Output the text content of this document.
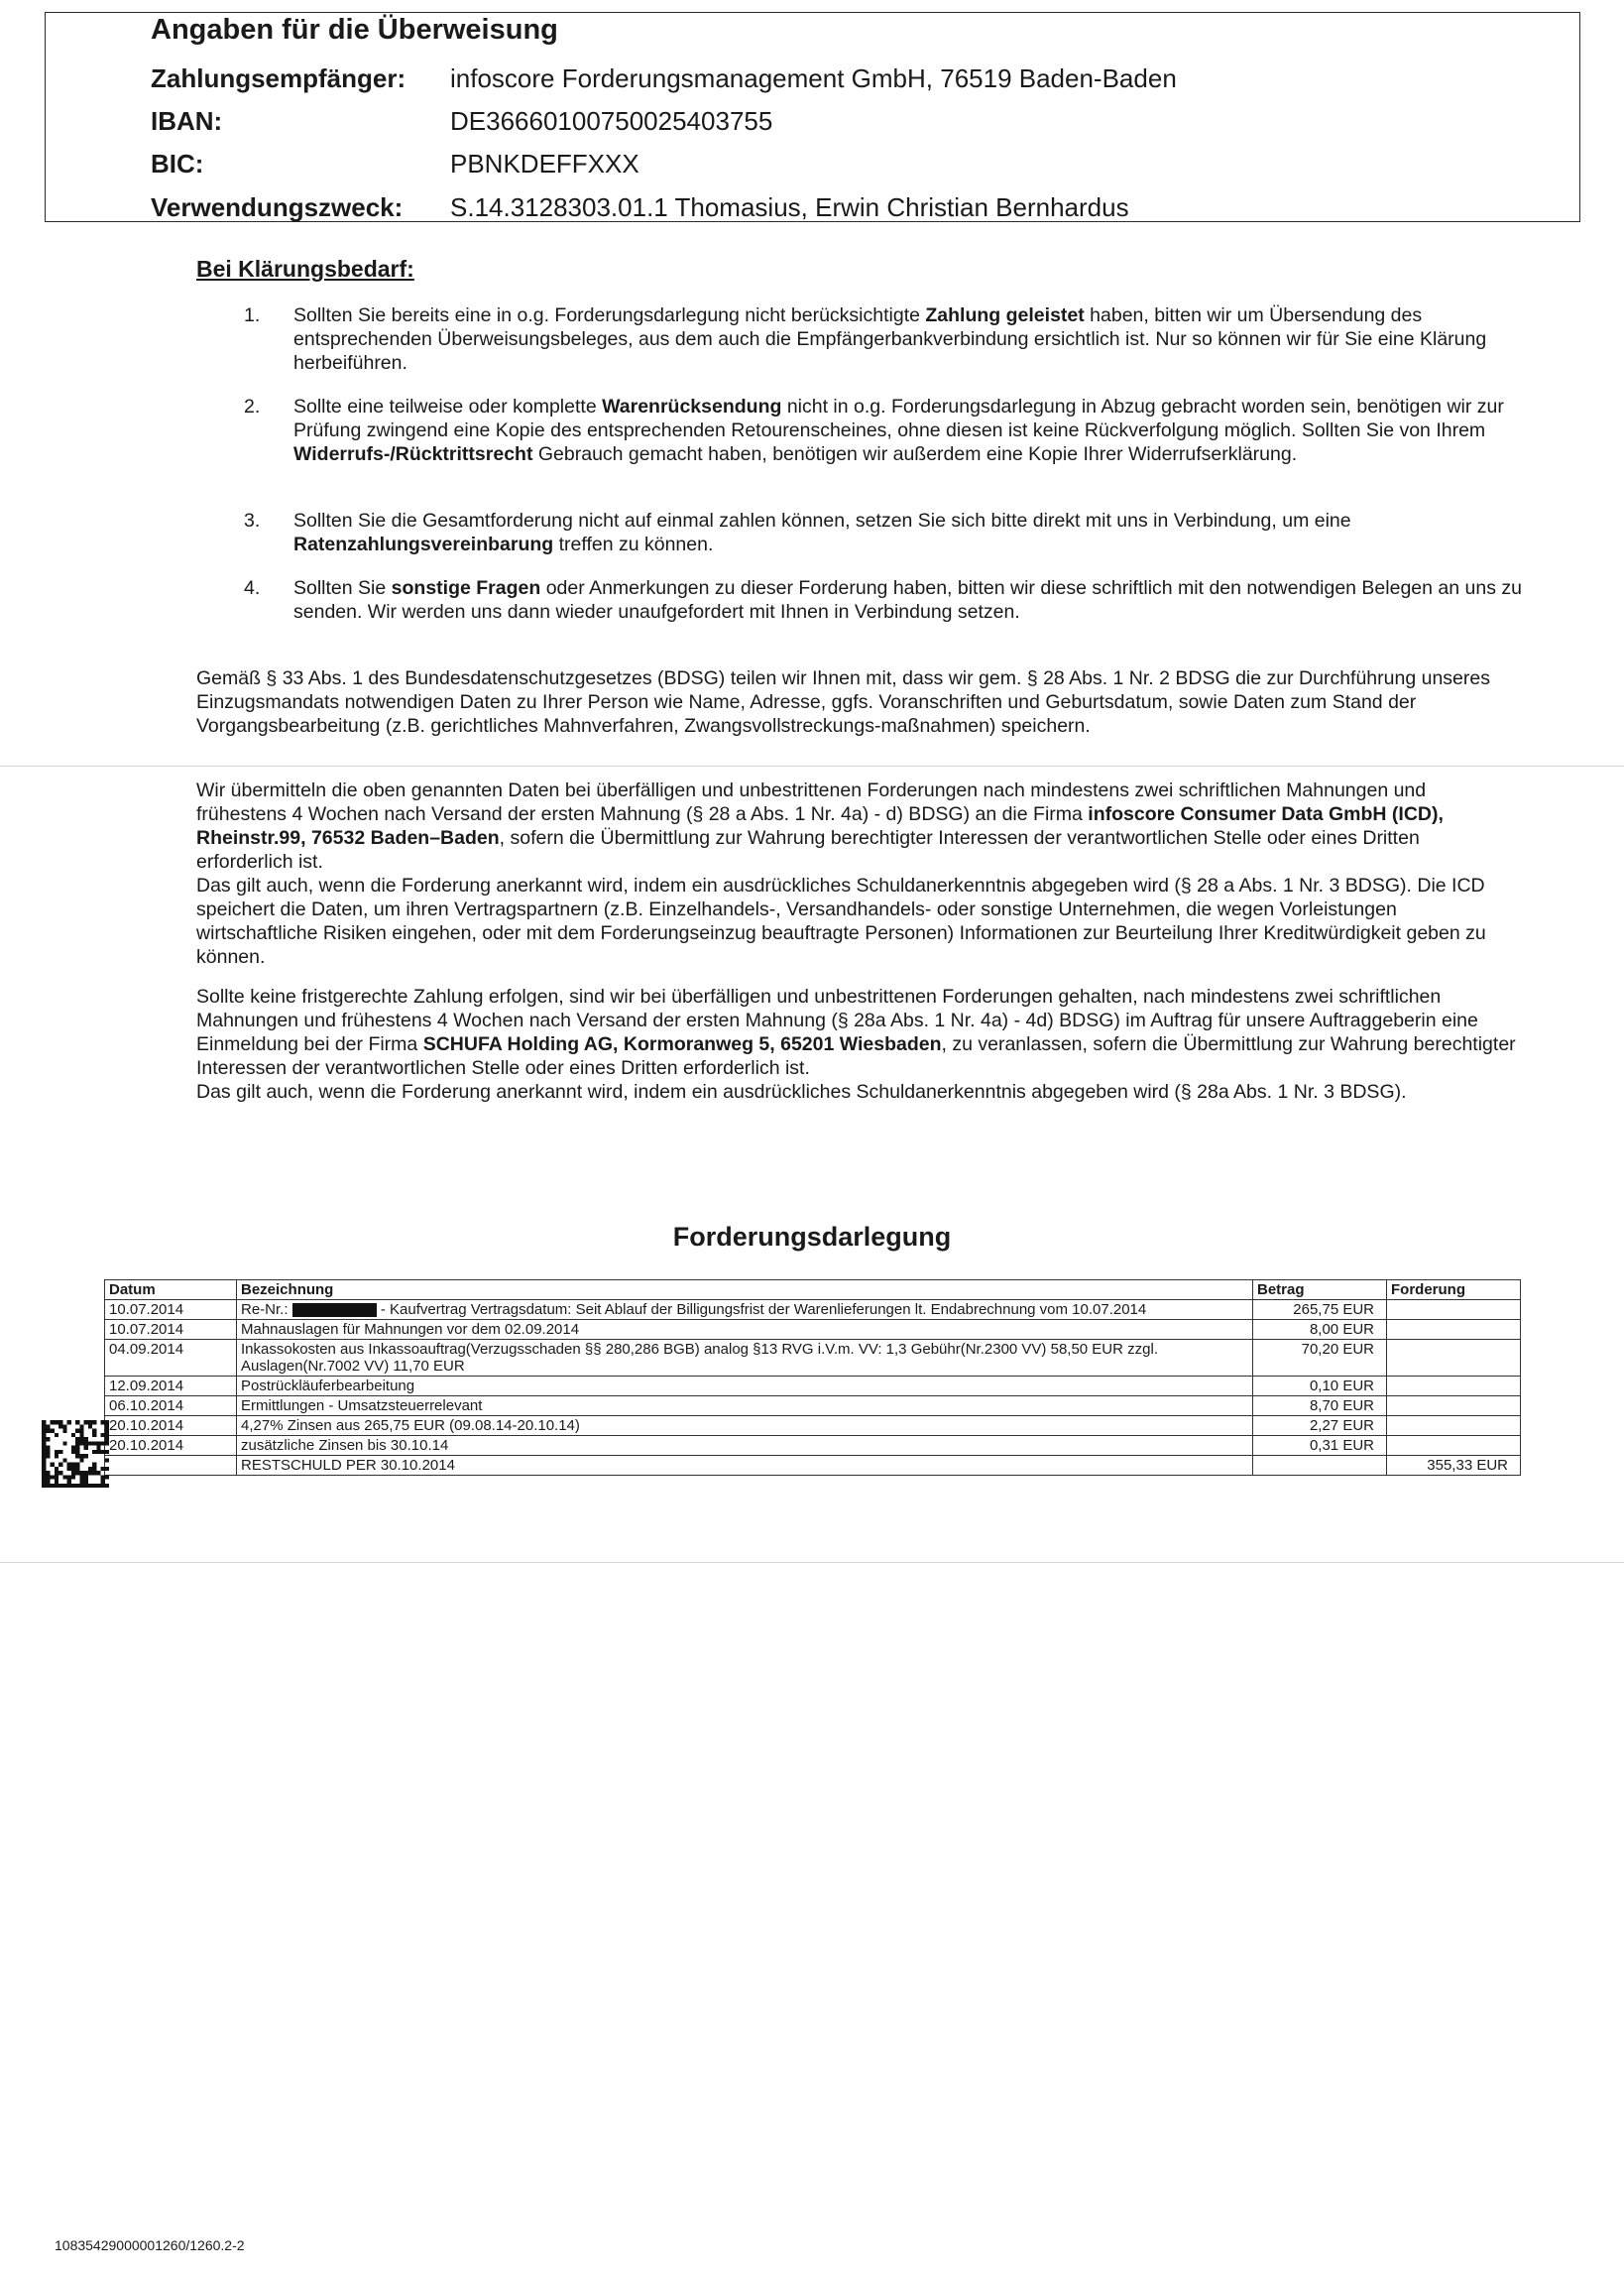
Angaben für die Überweisung
Zahlungsempfänger: infoscore Forderungsmanagement GmbH, 76519 Baden-Baden
IBAN:	DE36660100750025403755
BIC:	PBNKDEFFXXX
Verwendungszweck: S.14.3128303.01.1 Thomasius, Erwin Christian Bernhardus
Bei Klärungsbedarf:
1. Sollten Sie bereits eine in o.g. Forderungsdarlegung nicht berücksichtigte Zahlung geleistet haben, bitten wir um Übersendung des entsprechenden Überweisungsbeleges, aus dem auch die Empfängerbankverbindung ersichtlich ist. Nur so können wir für Sie eine Klärung herbeiführen.
2. Sollte eine teilweise oder komplette Warenrücksendung nicht in o.g. Forderungsdarlegung in Abzug gebracht worden sein, benötigen wir zur Prüfung zwingend eine Kopie des entsprechenden Retourenscheines, ohne diesen ist keine Rückverfolgung möglich. Sollten Sie von Ihrem Widerrufs-/Rücktrittsrecht Gebrauch gemacht haben, benötigen wir außerdem eine Kopie Ihrer Widerrufserklärung.
3. Sollten Sie die Gesamtforderung nicht auf einmal zahlen können, setzen Sie sich bitte direkt mit uns in Verbindung, um eine Ratenzahlungsvereinbarung treffen zu können.
4. Sollten Sie sonstige Fragen oder Anmerkungen zu dieser Forderung haben, bitten wir diese schriftlich mit den notwendigen Belegen an uns zu senden. Wir werden uns dann wieder unaufgefordert mit Ihnen in Verbindung setzen.
Gemäß § 33 Abs. 1 des Bundesdatenschutzgesetzes (BDSG) teilen wir Ihnen mit, dass wir gem. § 28 Abs. 1 Nr. 2 BDSG die zur Durchführung unseres Einzugsmandats notwendigen Daten zu Ihrer Person wie Name, Adresse, ggfs. Voranschriften und Geburtsdatum, sowie Daten zum Stand der Vorgangsbearbeitung (z.B. gerichtliches Mahnverfahren, Zwangsvollstreckungs-maßnahmen) speichern.
Wir übermitteln die oben genannten Daten bei überfälligen und unbestrittenen Forderungen nach mindestens zwei schriftlichen Mahnungen und frühestens 4 Wochen nach Versand der ersten Mahnung (§ 28 a Abs. 1 Nr. 4a) - d) BDSG) an die Firma infoscore Consumer Data GmbH (ICD), Rheinstr.99, 76532 Baden–Baden, sofern die Übermittlung zur Wahrung berechtigter Interessen der verantwortlichen Stelle oder eines Dritten erforderlich ist.
Das gilt auch, wenn die Forderung anerkannt wird, indem ein ausdrückliches Schuldanerkenntnis abgegeben wird (§ 28 a Abs. 1 Nr. 3 BDSG). Die ICD speichert die Daten, um ihren Vertragspartnern (z.B. Einzelhandels-, Versandhandels- oder sonstige Unternehmen, die wegen Vorleistungen wirtschaftliche Risiken eingehen, oder mit dem Forderungseinzug beauftragte Personen) Informationen zur Beurteilung Ihrer Kreditwürdigkeit geben zu können.
Sollte keine fristgerechte Zahlung erfolgen, sind wir bei überfälligen und unbestrittenen Forderungen gehalten, nach mindestens zwei schriftlichen Mahnungen und frühestens 4 Wochen nach Versand der ersten Mahnung (§ 28a Abs. 1 Nr. 4a) - 4d) BDSG) im Auftrag für unsere Auftraggeberin eine Einmeldung bei der Firma SCHUFA Holding AG, Kormoranweg 5, 65201 Wiesbaden, zu veranlassen, sofern die Übermittlung zur Wahrung berechtigter Interessen der verantwortlichen Stelle oder eines Dritten erforderlich ist.
Das gilt auch, wenn die Forderung anerkannt wird, indem ein ausdrückliches Schuldanerkenntnis abgegeben wird (§ 28a Abs. 1 Nr. 3 BDSG).
Forderungsdarlegung
Datum	Bezeichnung	Betrag	Forderung
10.07.2014	Re-Nr.: - Kaufvertrag Vertragsdatum: Seit Ablauf der Billigungsfrist der Warenlieferungen lt. Endabrechnung vom 10.07.2014	265,75 EUR	
10.07.2014	Mahnauslagen für Mahnungen vor dem 02.09.2014	8,00 EUR	
04.09.2014	Inkassokosten aus Inkassoauftrag(Verzugsschaden §§ 280,286 BGB) analog §13 RVG i.V.m. VV: 1,3 Gebühr(Nr.2300 VV) 58,50 EUR zzgl. Auslagen(Nr.7002 VV) 11,70 EUR	70,20 EUR	
12.09.2014	Postrückläuferbearbeitung	0,10 EUR	
06.10.2014	Ermittlungen - Umsatzsteuerrelevant	8,70 EUR	
20.10.2014	4,27% Zinsen aus 265,75 EUR (09.08.14-20.10.14)	2,27 EUR	
20.10.2014	zusätzliche Zinsen bis 30.10.14	0,31 EUR	
	RESTSCHULD PER 30.10.2014		355,33 EUR
10835429000001260/1260.2-2
